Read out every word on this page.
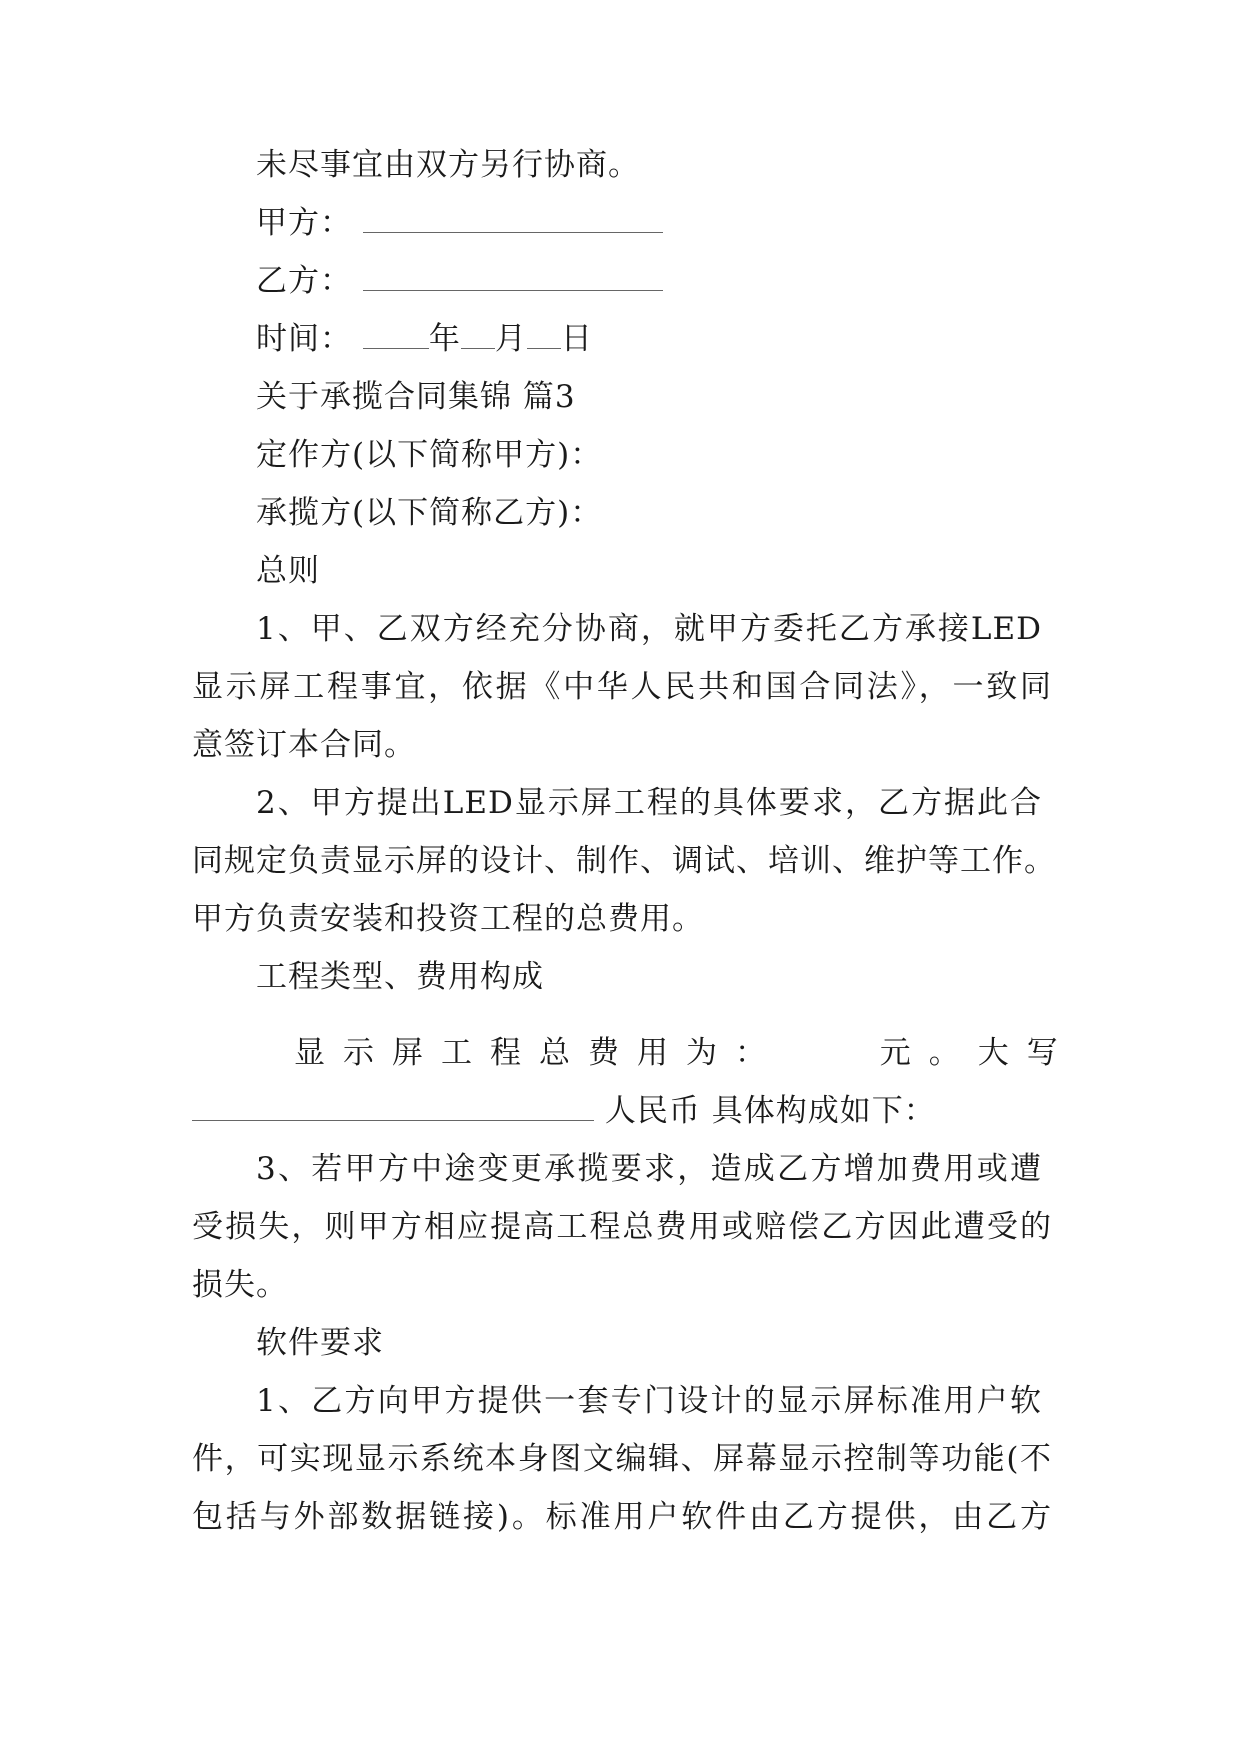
未尽事宜由双方另行协商。
甲方：
乙方：
时间： 年 月 日
关于承揽合同集锦 篇3
定作方(以下简称甲方)：
承揽方(以下简称乙方)：
总则
1、甲、乙双方经充分协商，就甲方委托乙方承接LED
显示屏工程事宜，依据《中华人民共和国合同法》，一致同
意签订本合同。
2、甲方提出LED显示屏工程的具体要求，乙方据此合
同规定负责显示屏的设计、制作、调试、培训、维护等工作。
甲方负责安装和投资工程的总费用。
工程类型、费用构成
显示屏工程总费用为：	元。大写
人民币 具体构成如下：
3、若甲方中途变更承揽要求，造成乙方增加费用或遭
受损失，则甲方相应提高工程总费用或赔偿乙方因此遭受的
损失。
软件要求
1、乙方向甲方提供一套专门设计的显示屏标准用户软
件，可实现显示系统本身图文编辑、屏幕显示控制等功能(不
包括与外部数据链接)。标准用户软件由乙方提供，由乙方
